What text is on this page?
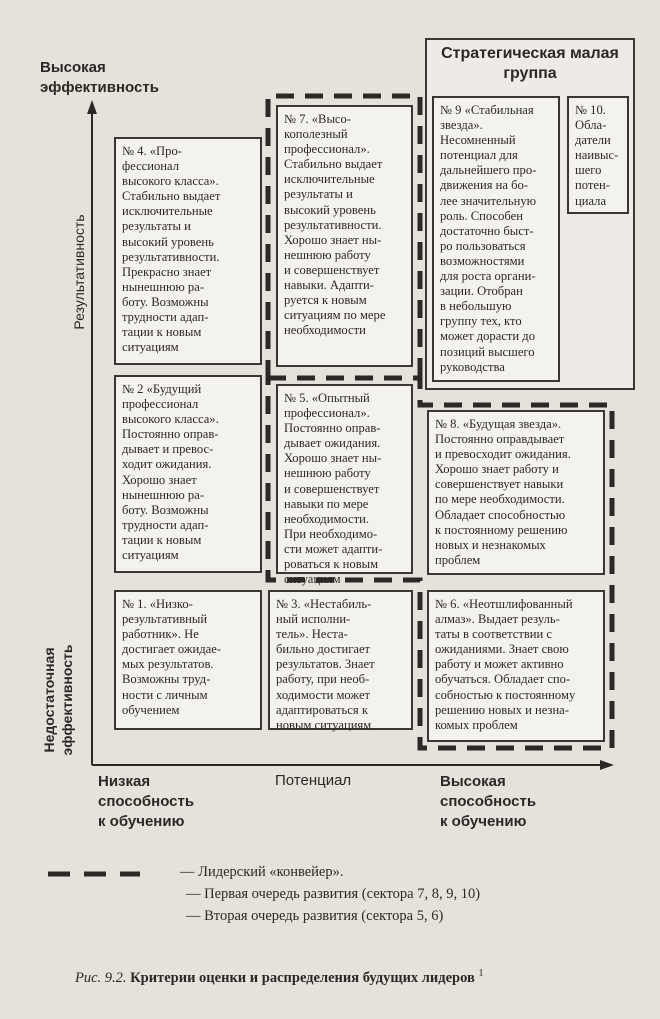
Стратегическая малая
группа
Высокая
эффективность
Результативность
Недостаточная
эффективность
Низкая
способность
к обучению
Потенциал	Высокая
способность
к обучению
№ 4. «Про-
фессионал
высокого класса».
Стабильно выдает
исключительные
результаты и
высокий уровень
результативности.
Прекрасно знает
нынешнюю ра-
боту. Возможны
трудности адап-
тации к новым
ситуациям
№ 7. «Высо-
кополезный
профессионал».
Стабильно выдает
исключительные
результаты и
высокий уровень
результативности.
Хорошо знает ны-
нешнюю работу
и совершенствует
навыки. Адапти-
руется к новым
ситуациям по мере
необходимости
№ 9 «Стабильная
звезда».
Несомненный
потенциал для
дальнейшего про-
движения на бо-
лее значительную
роль. Способен
достаточно быст-
ро пользоваться
возможностями
для роста органи-
зации. Отобран
в небольшую
группу тех, кто
может дорасти до
позиций высшего
руководства
№ 10.
Обла-
датели
наивыс-
шего
потен-
циала
№ 2 «Будущий
профессионал
высокого класса».
Постоянно оправ-
дывает и превос-
ходит ожидания.
Хорошо знает
нынешнюю ра-
боту. Возможны
трудности адап-
тации к новым
ситуациям
№ 5. «Опытный
профессионал».
Постоянно оправ-
дывает ожидания.
Хорошо знает ны-
нешнюю работу
и совершенствует
навыки по мере
необходимости.
При необходимо-
сти может адапти-
роваться к новым
ситуациям
№ 8. «Будущая звезда».
Постоянно оправдывает
и превосходит ожидания.
Хорошо знает работу и
совершенствует навыки
по мере необходимости.
Обладает способностью
к постоянному решению
новых и незнакомых
проблем
№ 1. «Низко-
результативный
работник». Не
достигает ожидае-
мых результатов.
Возможны труд-
ности с личным
обучением
№ 3. «Нестабиль-
ный исполни-
тель». Неста-
бильно достигает
результатов. Знает
работу, при необ-
ходимости может
адаптироваться к
новым ситуациям
№ 6. «Неотшлифованный
алмаз». Выдает резуль-
таты в соответствии с
ожиданиями. Знает свою
работу и может активно
обучаться. Обладает спо-
собностью к постоянному
решению новых и незна-
комых проблем
— Лидерский «конвейер».
— Первая очередь развития (сектора 7, 8, 9, 10)
— Вторая очередь развития (сектора 5, 6)
Рис. 9.2. Критерии оценки и распределения будущих лидеров $^1$
